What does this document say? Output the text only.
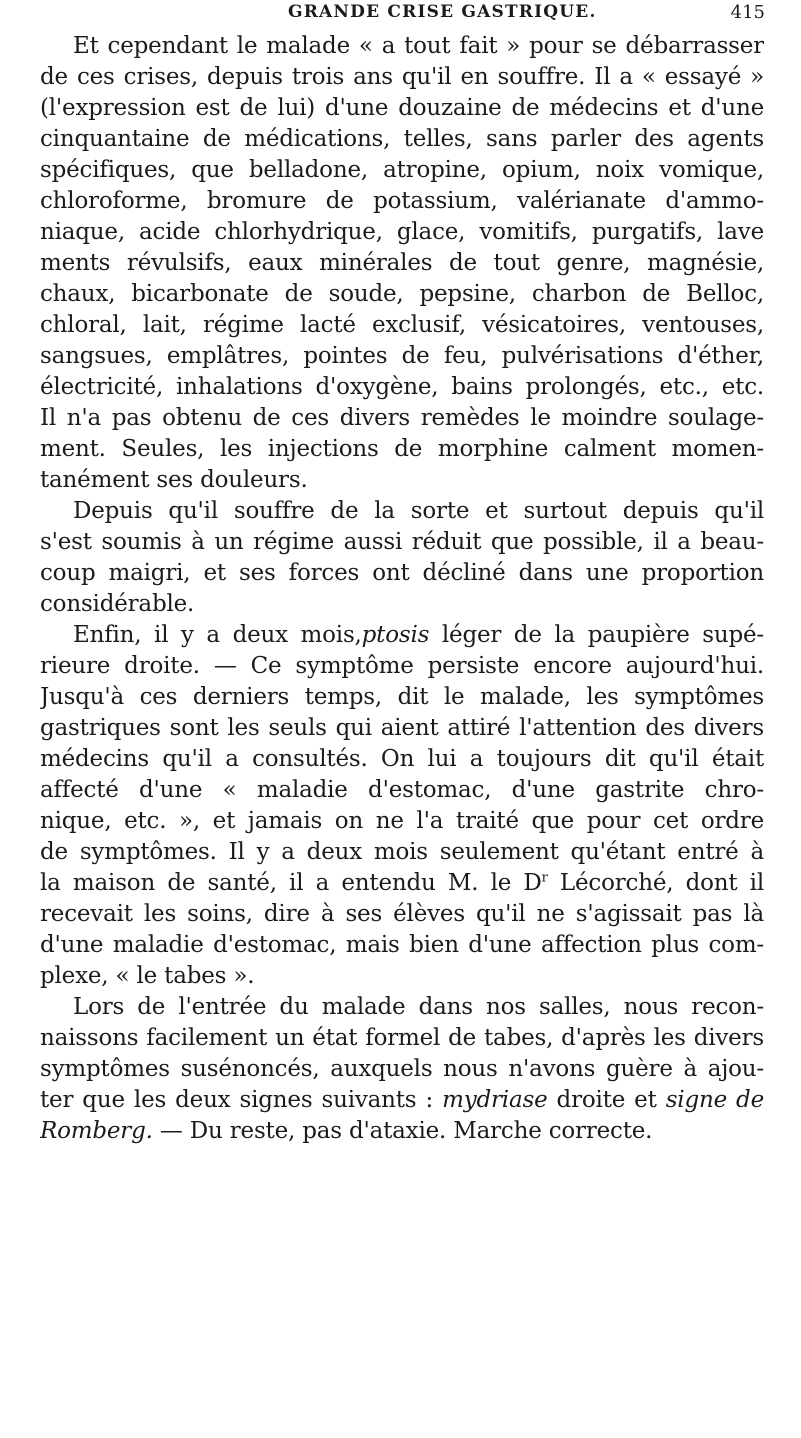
GRANDE CRISE GASTRIQUE.	415
Et cependant le malade « a tout fait » pour se débarrasser
de ces crises, depuis trois ans qu'il en souffre. Il a « essayé »
(l'expression est de lui) d'une douzaine de médecins et d'une
cinquantaine de médications, telles, sans parler des agents
spécifiques, que belladone, atropine, opium, noix vomique,
chloroforme, bromure de potassium, valérianate d'ammo-
niaque, acide chlorhydrique, glace, vomitifs, purgatifs, lave
ments révulsifs, eaux minérales de tout genre, magnésie,
chaux, bicarbonate de soude, pepsine, charbon de Belloc,
chloral, lait, régime lacté exclusif, vésicatoires, ventouses,
sangsues, emplâtres, pointes de feu, pulvérisations d'éther,
électricité, inhalations d'oxygène, bains prolongés, etc., etc.
Il n'a pas obtenu de ces divers remèdes le moindre soulage-
ment. Seules, les injections de morphine calment momen-
tanément ses douleurs.
Depuis qu'il souffre de la sorte et surtout depuis qu'il
s'est soumis à un régime aussi réduit que possible, il a beau-
coup maigri, et ses forces ont décliné dans une proportion
considérable.
Enfin, il y a deux mois,ptosis léger de la paupière supé-
rieure droite. — Ce symptôme persiste encore aujourd'hui.
Jusqu'à ces derniers temps, dit le malade, les symptômes
gastriques sont les seuls qui aient attiré l'attention des divers
médecins qu'il a consultés. On lui a toujours dit qu'il était
affecté d'une « maladie d'estomac, d'une gastrite chro-
nique, etc. », et jamais on ne l'a traité que pour cet ordre
de symptômes. Il y a deux mois seulement qu'étant entré à
la maison de santé, il a entendu M. le $D^r$ Lécorché, dont il
recevait les soins, dire à ses élèves qu'il ne s'agissait pas là
d'une maladie d'estomac, mais bien d'une affection plus com-
plexe, « le tabes ».
Lors de l'entrée du malade dans nos salles, nous recon-
naissons facilement un état formel de tabes, d'après les divers
symptômes susénoncés, auxquels nous n'avons guère à ajou-
ter que les deux signes suivants : mydriase droite et signe de
Romberg. — Du reste, pas d'ataxie. Marche correcte.
